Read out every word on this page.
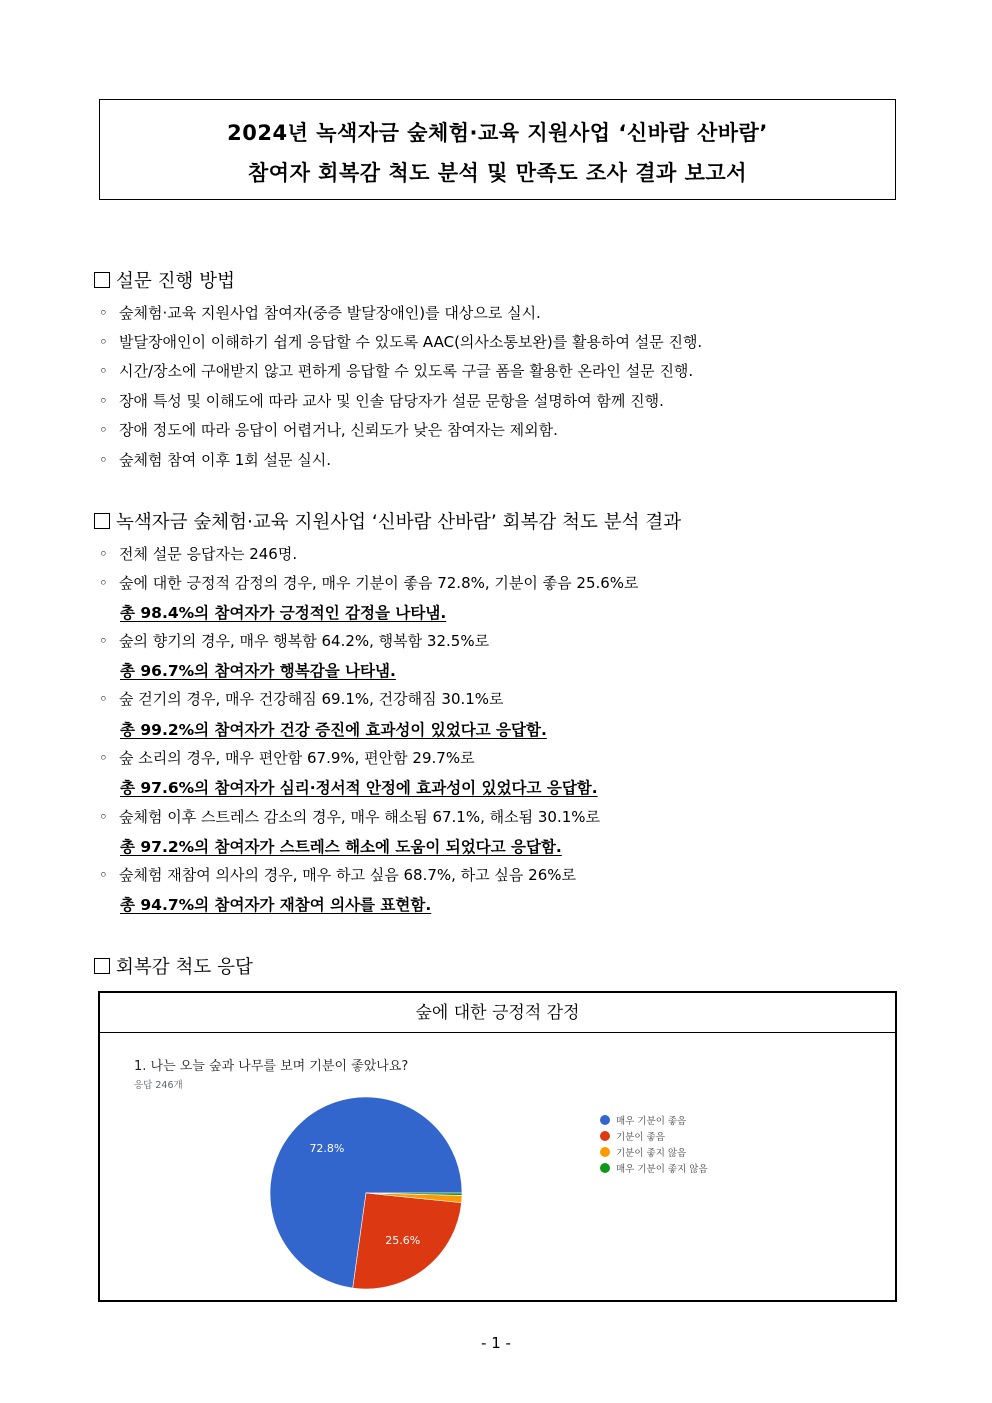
2024년 녹색자금 숲체험·교육 지원사업 ‘신바람 산바람’
참여자 회복감 척도 분석 및 만족도 조사 결과 보고서
설문 진행 방법
◦ 숲체험·교육 지원사업 참여자(중증 발달장애인)를 대상으로 실시.
◦ 발달장애인이 이해하기 쉽게 응답할 수 있도록 AAC(의사소통보완)를 활용하여 설문 진행.
◦ 시간/장소에 구애받지 않고 편하게 응답할 수 있도록 구글 폼을 활용한 온라인 설문 진행.
◦ 장애 특성 및 이해도에 따라 교사 및 인솔 담당자가 설문 문항을 설명하여 함께 진행.
◦ 장애 정도에 따라 응답이 어렵거나, 신뢰도가 낮은 참여자는 제외함.
◦ 숲체험 참여 이후 1회 설문 실시.
녹색자금 숲체험·교육 지원사업 ‘신바람 산바람’ 회복감 척도 분석 결과
◦ 전체 설문 응답자는 246명.
◦ 숲에 대한 긍정적 감정의 경우, 매우 기분이 좋음 72.8%, 기분이 좋음 25.6%로
총 98.4%의 참여자가 긍정적인 감정을 나타냄.
◦ 숲의 향기의 경우, 매우 행복함 64.2%, 행복함 32.5%로
총 96.7%의 참여자가 행복감을 나타냄.
◦ 숲 걷기의 경우, 매우 건강해짐 69.1%, 건강해짐 30.1%로
총 99.2%의 참여자가 건강 증진에 효과성이 있었다고 응답함.
◦ 숲 소리의 경우, 매우 편안함 67.9%, 편안함 29.7%로
총 97.6%의 참여자가 심리·정서적 안정에 효과성이 있었다고 응답함.
◦ 숲체험 이후 스트레스 감소의 경우, 매우 해소됨 67.1%, 해소됨 30.1%로
총 97.2%의 참여자가 스트레스 해소에 도움이 되었다고 응답함.
◦ 숲체험 재참여 의사의 경우, 매우 하고 싶음 68.7%, 하고 싶음 26%로
총 94.7%의 참여자가 재참여 의사를 표현함.
회복감 척도 응답
숲에 대한 긍정적 감정
1. 나는 오늘 숲과 나무를 보며 기분이 좋았나요?
응답 246개
72.8%
25.6%
매우 기분이 좋음
기분이 좋음
기분이 좋지 않음
매우 기분이 좋지 않음
- 1 -
